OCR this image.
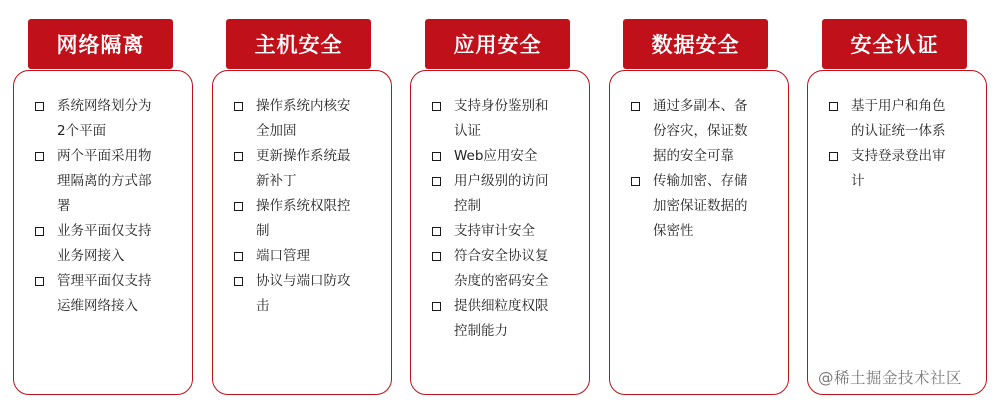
网络隔离
系统网络划分为2个平面
两个平面采用物理隔离的方式部署
业务平面仅支持业务网接入
管理平面仅支持运维网络接入
主机安全
操作系统内核安全加固
更新操作系统最新补丁
操作系统权限控制
端口管理
协议与端口防攻击
应用安全
支持身份鉴别和认证
Web应用安全
用户级别的访问控制
支持审计安全
符合安全协议复杂度的密码安全
提供细粒度权限控制能力
数据安全
通过多副本、备份容灾，保证数据的安全可靠
传输加密、存储加密保证数据的保密性
安全认证
基于用户和角色的认证统一体系
支持登录登出审计
@稀土掘金技术社区
